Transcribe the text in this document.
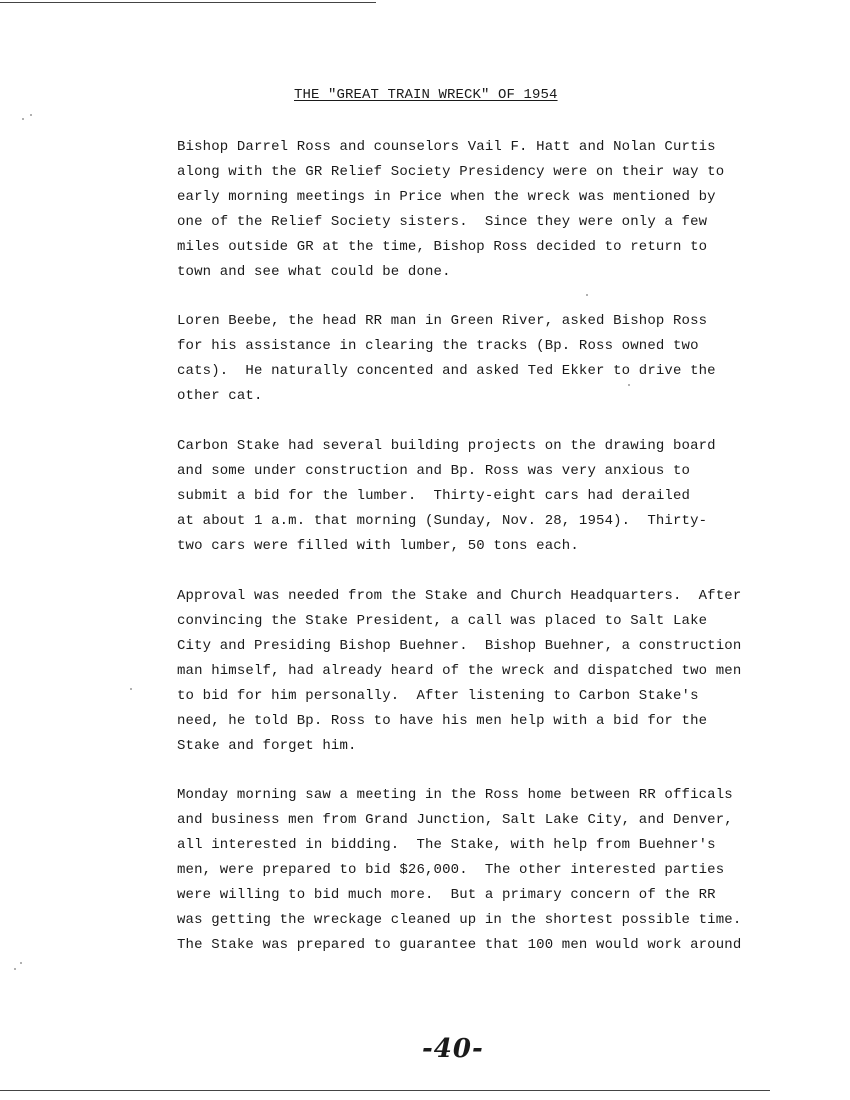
THE "GREAT TRAIN WRECK" OF 1954
Bishop Darrel Ross and counselors Vail F. Hatt and Nolan Curtis
along with the GR Relief Society Presidency were on their way to
early morning meetings in Price when the wreck was mentioned by
one of the Relief Society sisters.  Since they were only a few
miles outside GR at the time, Bishop Ross decided to return to
town and see what could be done.
Loren Beebe, the head RR man in Green River, asked Bishop Ross
for his assistance in clearing the tracks (Bp. Ross owned two
cats).  He naturally concented and asked Ted Ekker to drive the
other cat.
Carbon Stake had several building projects on the drawing board
and some under construction and Bp. Ross was very anxious to
submit a bid for the lumber.  Thirty-eight cars had derailed
at about 1 a.m. that morning (Sunday, Nov. 28, 1954).  Thirty-
two cars were filled with lumber, 50 tons each.
Approval was needed from the Stake and Church Headquarters.  After
convincing the Stake President, a call was placed to Salt Lake
City and Presiding Bishop Buehner.  Bishop Buehner, a construction
man himself, had already heard of the wreck and dispatched two men
to bid for him personally.  After listening to Carbon Stake's
need, he told Bp. Ross to have his men help with a bid for the
Stake and forget him.
Monday morning saw a meeting in the Ross home between RR officals
and business men from Grand Junction, Salt Lake City, and Denver,
all interested in bidding.  The Stake, with help from Buehner's
men, were prepared to bid $26,000.  The other interested parties
were willing to bid much more.  But a primary concern of the RR
was getting the wreckage cleaned up in the shortest possible time.
The Stake was prepared to guarantee that 100 men would work around
-40-
